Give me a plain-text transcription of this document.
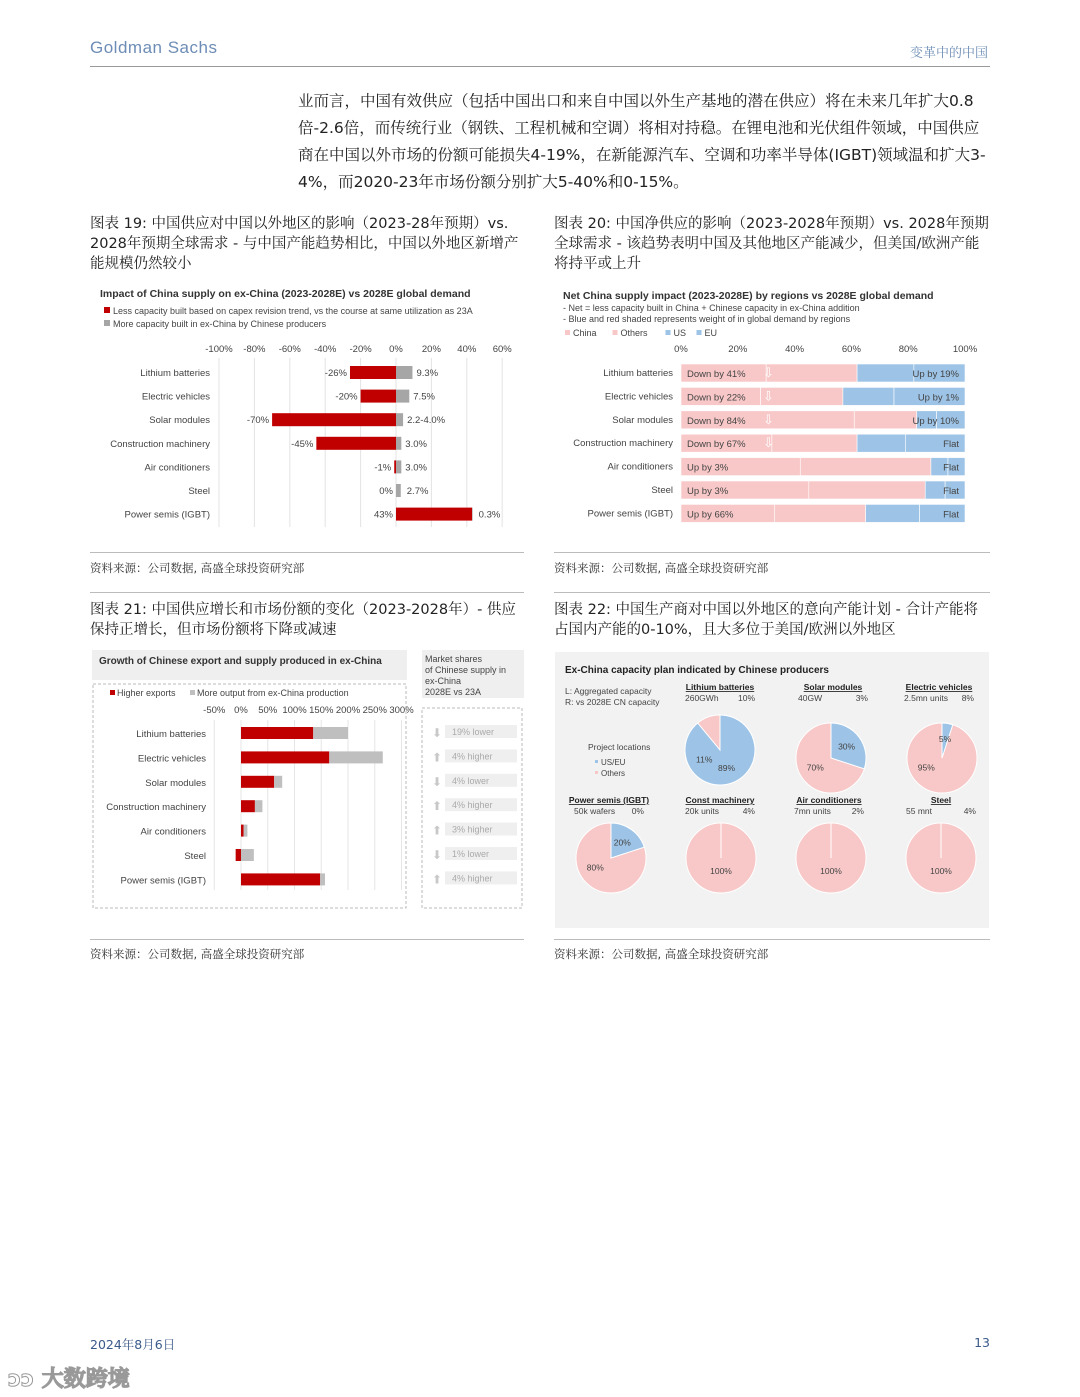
Goldman Sachs	变革中的中国
业而言，中国有效供应（包括中国出口和来自中国以外生产基地的潜在供应）将在未来几年扩大0.8倍-2.6倍，而传统行业（钢铁、工程机械和空调）将相对持稳。在锂电池和光伏组件领域，中国供应商在中国以外市场的份额可能损失4-19%，在新能源汽车、空调和功率半导体(IGBT)领域温和扩大3-4%，而2020-23年市场份额分别扩大5-40%和0-15%。
图表 19: 中国供应对中国以外地区的影响（2023-28年预期）vs. 2028年预期全球需求 - 与中国产能趋势相比，中国以外地区新增产能规模仍然较小
图表 20: 中国净供应的影响（2023-2028年预期）vs. 2028年预期全球需求 - 该趋势表明中国及其他地区产能减少，但美国/欧洲产能将持平或上升
Impact of China supply on ex-China (2023-2028E) vs 2028E global demand
Less capacity built based on capex revision trend, vs the course at same utilization as 23A
More capacity built in ex-China by Chinese producers
-100% -80% -60% -40% -20% 0% 20% 40% 60%
Lithium batteries	-26%	9.3%
Electric vehicles	-20%	7.5%
Solar modules	-70%	2.2-4.0%
Construction machinery	-45%	3.0%
Air conditioners	-1% 3.0%
Steel	0% 2.7%
Power semis (IGBT)	43%	0.3%
Net China supply impact (2023-2028E) by regions vs 2028E global demand
- Net = less capacity built in China + Chinese capacity in ex-China addition
- Blue and red shaded represents weight of in global demand by regions
China	Others	US EU
0%	20%	40%	60%	80%	100%
Lithium batteries Down by 41%	Up by 19%
⇩
Electric vehicles Down by 22%	Up by 1%
⇩
Solar modules Down by 84%	Up by 10%
⇩
Construction machinery Down by 67%	Flat
⇩
Air conditioners Up by 3%	Flat
Steel Up by 3%	Flat
Power semis (IGBT) Up by 66%	Flat
资料来源：公司数据, 高盛全球投资研究部	资料来源：公司数据, 高盛全球投资研究部
图表 21: 中国供应增长和市场份额的变化（2023-2028年）- 供应保持正增长，但市场份额将下降或减速
图表 22: 中国生产商对中国以外地区的意向产能计划 - 合计产能将占国内产能的0-10%，且大多位于美国/欧洲以外地区
Growth of Chinese export and supply produced in ex-China	Market shares
of Chinese supply in
ex-China
2028E vs 23A
Higher exports More output from ex-China production
-50% 0% 50% 100% 150% 200% 250% 300%
Lithium batteries	⬇ 19% lower
Electric vehicles	⬆ 4% higher
Solar modules	⬇ 4% lower
Construction machinery	⬆ 4% higher
Air conditioners	⬆ 3% higher
Steel	⬇ 1% lower
Power semis (IGBT)	⬆ 4% higher
Ex-China capacity plan indicated by Chinese producers
L: Aggregated capacity
R: vs 2028E CN capacity
Project locations
US/EU
Others
Lithium batteries
260GWh 10%
89%
11%
Solar modules
40GW	3%
30%
70%
Electric vehicles
2.5mn units 8%
5%
95%
Power semis (IGBT)
50k wafers 0%
20%
80%
Const machinery
20k units	4%
100%
Air conditioners
7mn units 2%
100%
Steel
55 mnt	4%
100%
资料来源：公司数据, 高盛全球投资研究部	资料来源：公司数据, 高盛全球投资研究部
2024年8月6日	13
ↄↄ 大数跨境
